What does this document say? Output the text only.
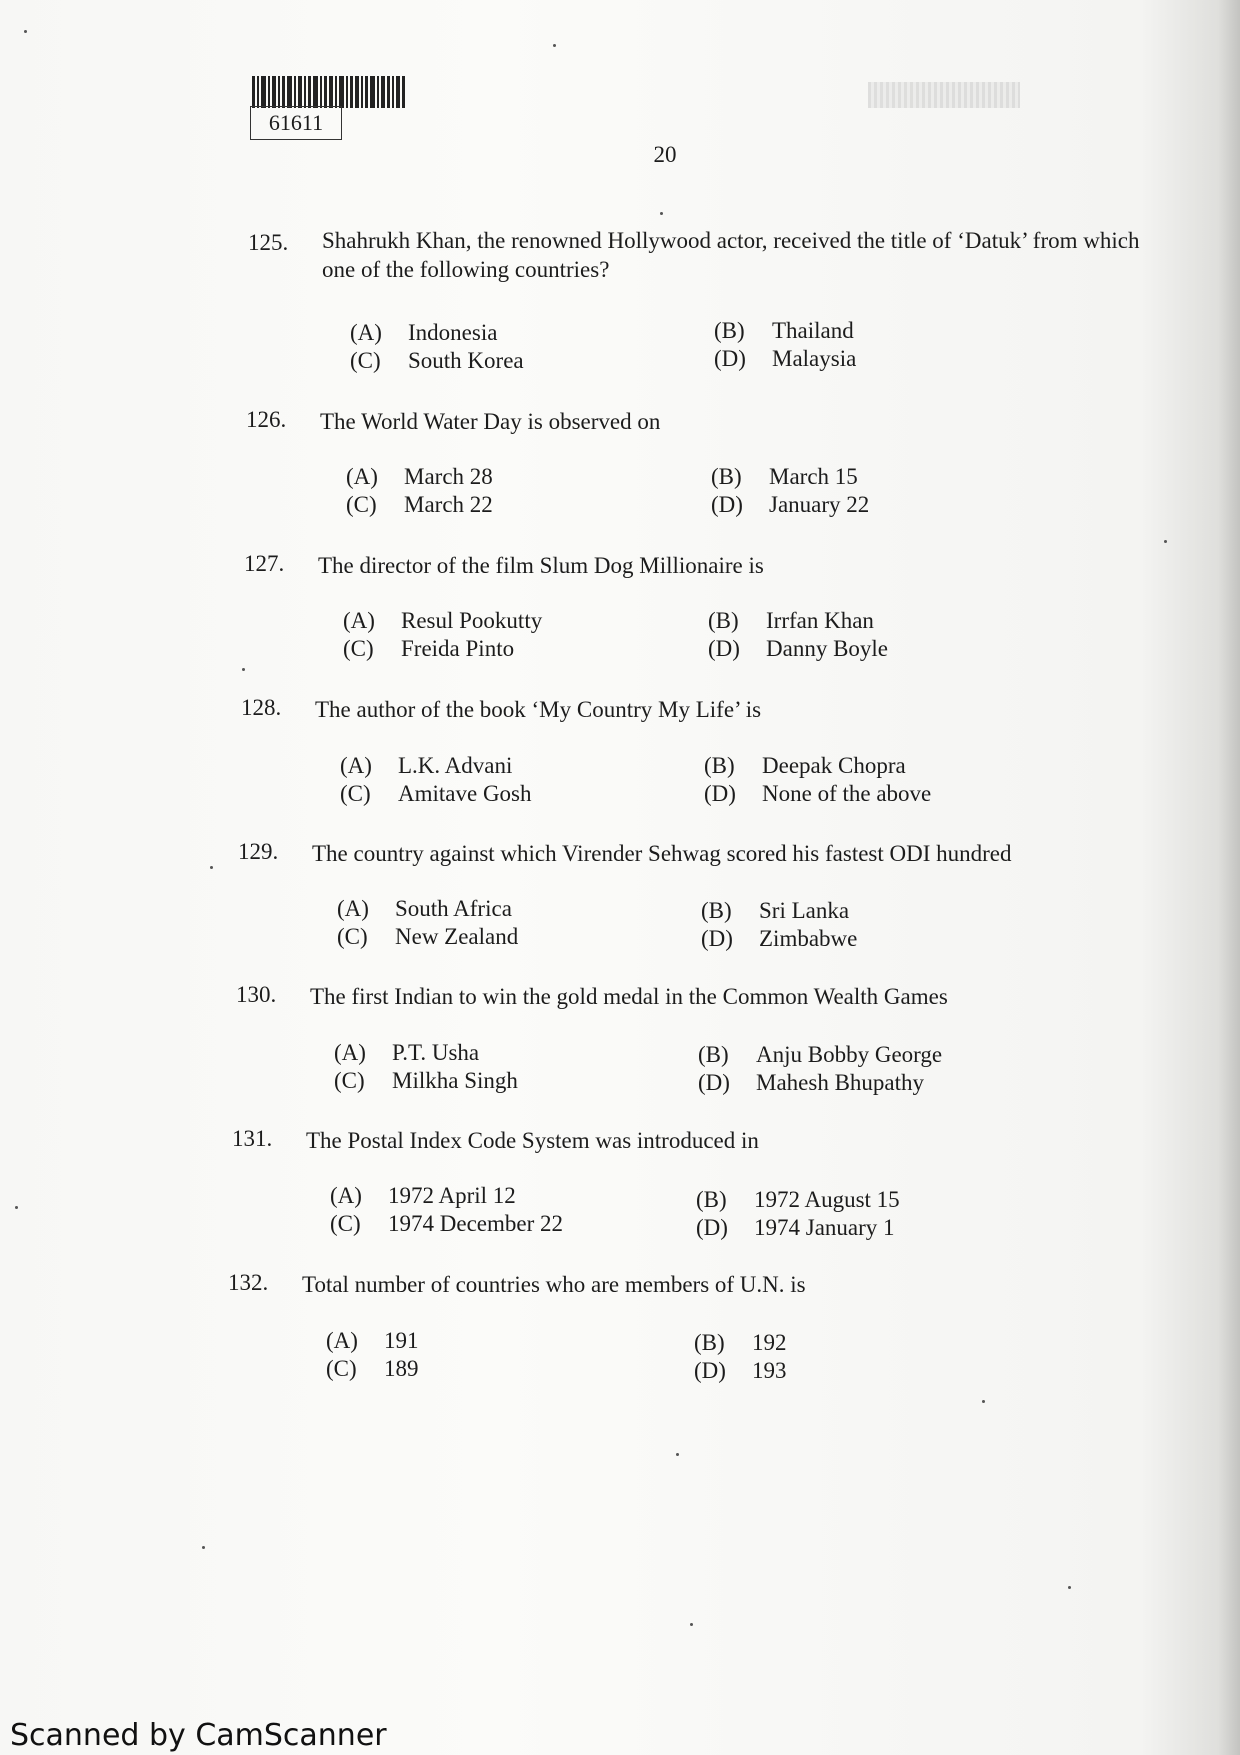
61611
20
125. Shahrukh Khan, the renowned Hollywood actor, received the title of ‘Datuk’ from which one of the following countries?
(A) Indonesia	(B) Thailand
(C) South Korea	(D) Malaysia
126. The World Water Day is observed on
(A) March 28	(B) March 15
(C) March 22	(D) January 22
127. The director of the film Slum Dog Millionaire is
(A) Resul Pookutty	(B) Irrfan Khan
(C) Freida Pinto	(D) Danny Boyle
128. The author of the book ‘My Country My Life’ is
(A) L.K. Advani	(B) Deepak Chopra
(C) Amitave Gosh	(D) None of the above
129. The country against which Virender Sehwag scored his fastest ODI hundred
(A) South Africa	(B) Sri Lanka
(C) New Zealand	(D) Zimbabwe
130. The first Indian to win the gold medal in the Common Wealth Games
(A) P.T. Usha	(B) Anju Bobby George
(C) Milkha Singh	(D) Mahesh Bhupathy
131. The Postal Index Code System was introduced in
(A) 1972 April 12	(B) 1972 August 15
(C) 1974 December 22	(D) 1974 January 1
132. Total number of countries who are members of U.N. is
(A) 191	(B) 192
(C) 189	(D) 193
Scanned by CamScanner
